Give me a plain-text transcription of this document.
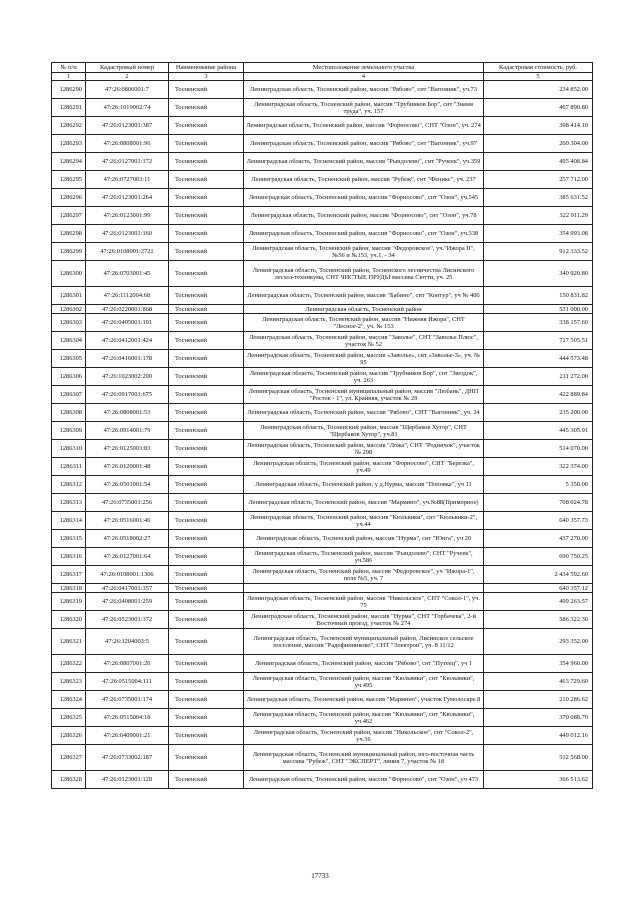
№ п/п	Кадастровый номер	Наименование района	Местоположение земельного участка	Кадастровая стоимость, руб.
1	2	3	4	5
1286290	47:26:0806001:7	Тосненский	Ленинградская область, Тосненский район, массив "Рябово", снт "Вагонник", уч.73	234 852.00
1286291	47:26:1019002:74	Тосненский	Ленинградская область, Тосненский район, массив "Трубников Бор", снт "Знамя труда", уч. 157	467 890.80
1286292	47:26:0123001:387	Тосненский	Ленинградская область, Тосненский район, массив "Форносово", СНТ "Озон", уч. 274	398 414.10
1286293	47:26:0808001:96	Тосненский	Ленинградская область, Тосненский район, массив "Рябово", снт "Вагонник", уч.97	260 304.00
1286294	47:26:0127001:172	Тосненский	Ленинградская область, Тосненский район, массив "Рындолево", снт "Ручеек", уч.359	495 408.84
1286295	47:26:0727003:11	Тосненский	Ленинградская область, Тосненский район, массив "Рубеж", снт "Феникс", уч. 237	257 712.00
1286296	47:26:0123001:264	Тосненский	Ленинградская область, Тосненский район, массив "Форносово", снт "Озон", уч.545	385 631.52
1286297	47:26:0123001:99	Тосненский	Ленинградская область, Тосненский район, массив "Форносово", снт "Озон", уч.78	322 911.29
1286298	47:26:0123001:160	Тосненский	Ленинградская область, Тосненский район, массив "Форносово", снт "Озон", уч.338	354 993.08
1286299	47:26:0108001:2721	Тосненский	Ленинградская область, Тосненский район, массив "Федоровское", уч."Ижора II", №56 и №153, уч.1, - 34	912 333.52
1286300	47:26:0703001:45	Тосненский	Ленинградская область, Тосненский район, Тосненского лесничества Лисинского лесхоз-техникума, СНТ ЧИСТЫЕ ПРУДЫ массива Сютти, уч. 25	340 920.80
1286301	47:26:1112004:68	Тосненский	Ленинградская область, Тосненский район, массив "Бабино", снт "Контур", уч № 406	150 831.82
1286302	47:26:0220001:868	Тосненский	Ленинградская область, Тосненский район	531 000.00
1286303	47:26:0405001:191	Тосненский	Ленинградская область, Тосненский район, массив "Нижняя Ижора", СНТ "Лесное-2", уч. № 153	338 157.60
1286304	47:26:0412001:424	Тосненский	Ленинградская область, Тосненский район, массив "Заволье", СНТ "Заволье Плюс", участок № 52	717 505.51
1286305	47:26:0416001:178	Тосненский	Ленинградская область, Тосненский район, массив «Заволье», снт «Заволье-3», уч. № 95	444 573.48
1286306	47:26:1023002:200	Тосненский	Ленинградская область, Тосненский район, массив "Трубников Бор", снт "Звездок", уч. 263	211 272.00
1286307	47:26:0917001:675	Тосненский	Ленинградская область, Тосненский муниципальный район, массив "Любань", ДНП "Росток - 1", ул. Крайняя, участок № 29	422 889.84
1286308	47:26:0808001:53	Тосненский	Ленинградская область, Тосненский район, массив "Рябово", СНТ "Вагонник", уч. 24	235 200.00
1286309	47:26:0914001:79	Тосненский	Ленинградская область, Тосненский район, массив "Щербаков Хутор", СНТ "Щербаков Хутор", уч.81	445 305.91
1286310	47:26:0125003:83	Тосненский	Ленинградская область, Тосненский район, массив "Ложа", СНТ "Родничок", участок № 298	514 070.00
1286311	47:26:0120001:48	Тосненский	Ленинградская область, Тосненский район, массив "Форносово", СНТ "Березка", уч.49	322 374.00
1286312	47:26:0501001:54	Тосненский	Ленинградская область, Тосненский район, у д.Нурма, массив "Поповка", уч 11	5 350.00
1286313	47:26:0735001:256	Тосненский	Ленинградская область, Тосненский район, массив "Мармино", уч.№88(Приморное)	708 024.78
1286314	47:26:0516001:46	Тосненский	Ленинградская область, Тосненский район, массив "Кюльвики", снт "Кюльвики-2", уч.44	640 357.73
1286315	47:26:0518002:27	Тосненский	Ленинградская область, Тосненский район, массив "Нурма", снт "Юнга", уч 20	437 270.00
1286316	47:26:0127001:64	Тосненский	Ленинградская область, Тосненский район, массив "Рындолево", СНТ "Ручеек", уч.586	690 750.25
1286317	47:26:0108001:1306	Тосненский	Ленинградская область, Тосненский район, массив "Федоровское", уч "Ижора-1", поле №5, уч. 7	2 434 592.60
1286318	47:26:0417001:357	Тосненский		640 357.12
1286319	47:26:0408001:259	Тосненский	Ленинградская область, Тосненский район, массив "Никольское", СНТ "Сокол-1", уч. 75	499 263.57
1286320	47:26:0523001:372	Тосненский	Ленинградская область, Тосненский район, массив "Нурма", СНТ "Горбачева", 2-й Восточный проезд, участок № 274	586 322.30
1286321	47:26:1204003:5	Тосненский	Ленинградская область, Тосненский муниципальный район, Лисинское сельское поселение, массив "Радофинниково", СНТ "Электрон", уч. 8 11/12	293 352.00
1286322	47:26:0807001:20	Тосненский	Ленинградская область, Тосненский район, массив "Рябово", снт "Путеец", уч 1	354 960.00
1286323	47:26:0515004:111	Тосненский	Ленинградская область, Тосненский район, массив "Кюльвики", снт "Кюльвики", уч.495	463 729.60
1286324	47:26:0735001:174	Тосненский	Ленинградская область, Тосненский район, массив "Мармино", участок Гумолосаре 8	210 286.62
1286325	47:26:0515004:18	Тосненский	Ленинградская область, Тосненский район, массив "Кюльвики", снт "Кюльвики", уч.462	370 088.70
1286326	47:26:0409001:21	Тосненский	Ленинградская область, Тосненский район, массив "Никольское", снт "Сокол-2", уч.36	449 012.16
1286327	47:26:0733002:187	Тосненский	Ленинградская область, Тосненский муниципальный район, юго-восточная часть массива "Рубеж", СНТ "ЭКСПЕРТ", линия 7, участок № 18	512 568.00
1286328	47:26:0123001:128	Тосненский	Ленинградская область, Тосненский район, массив "Форносово", снт "Озон", уч 473	366 513.62
17733
